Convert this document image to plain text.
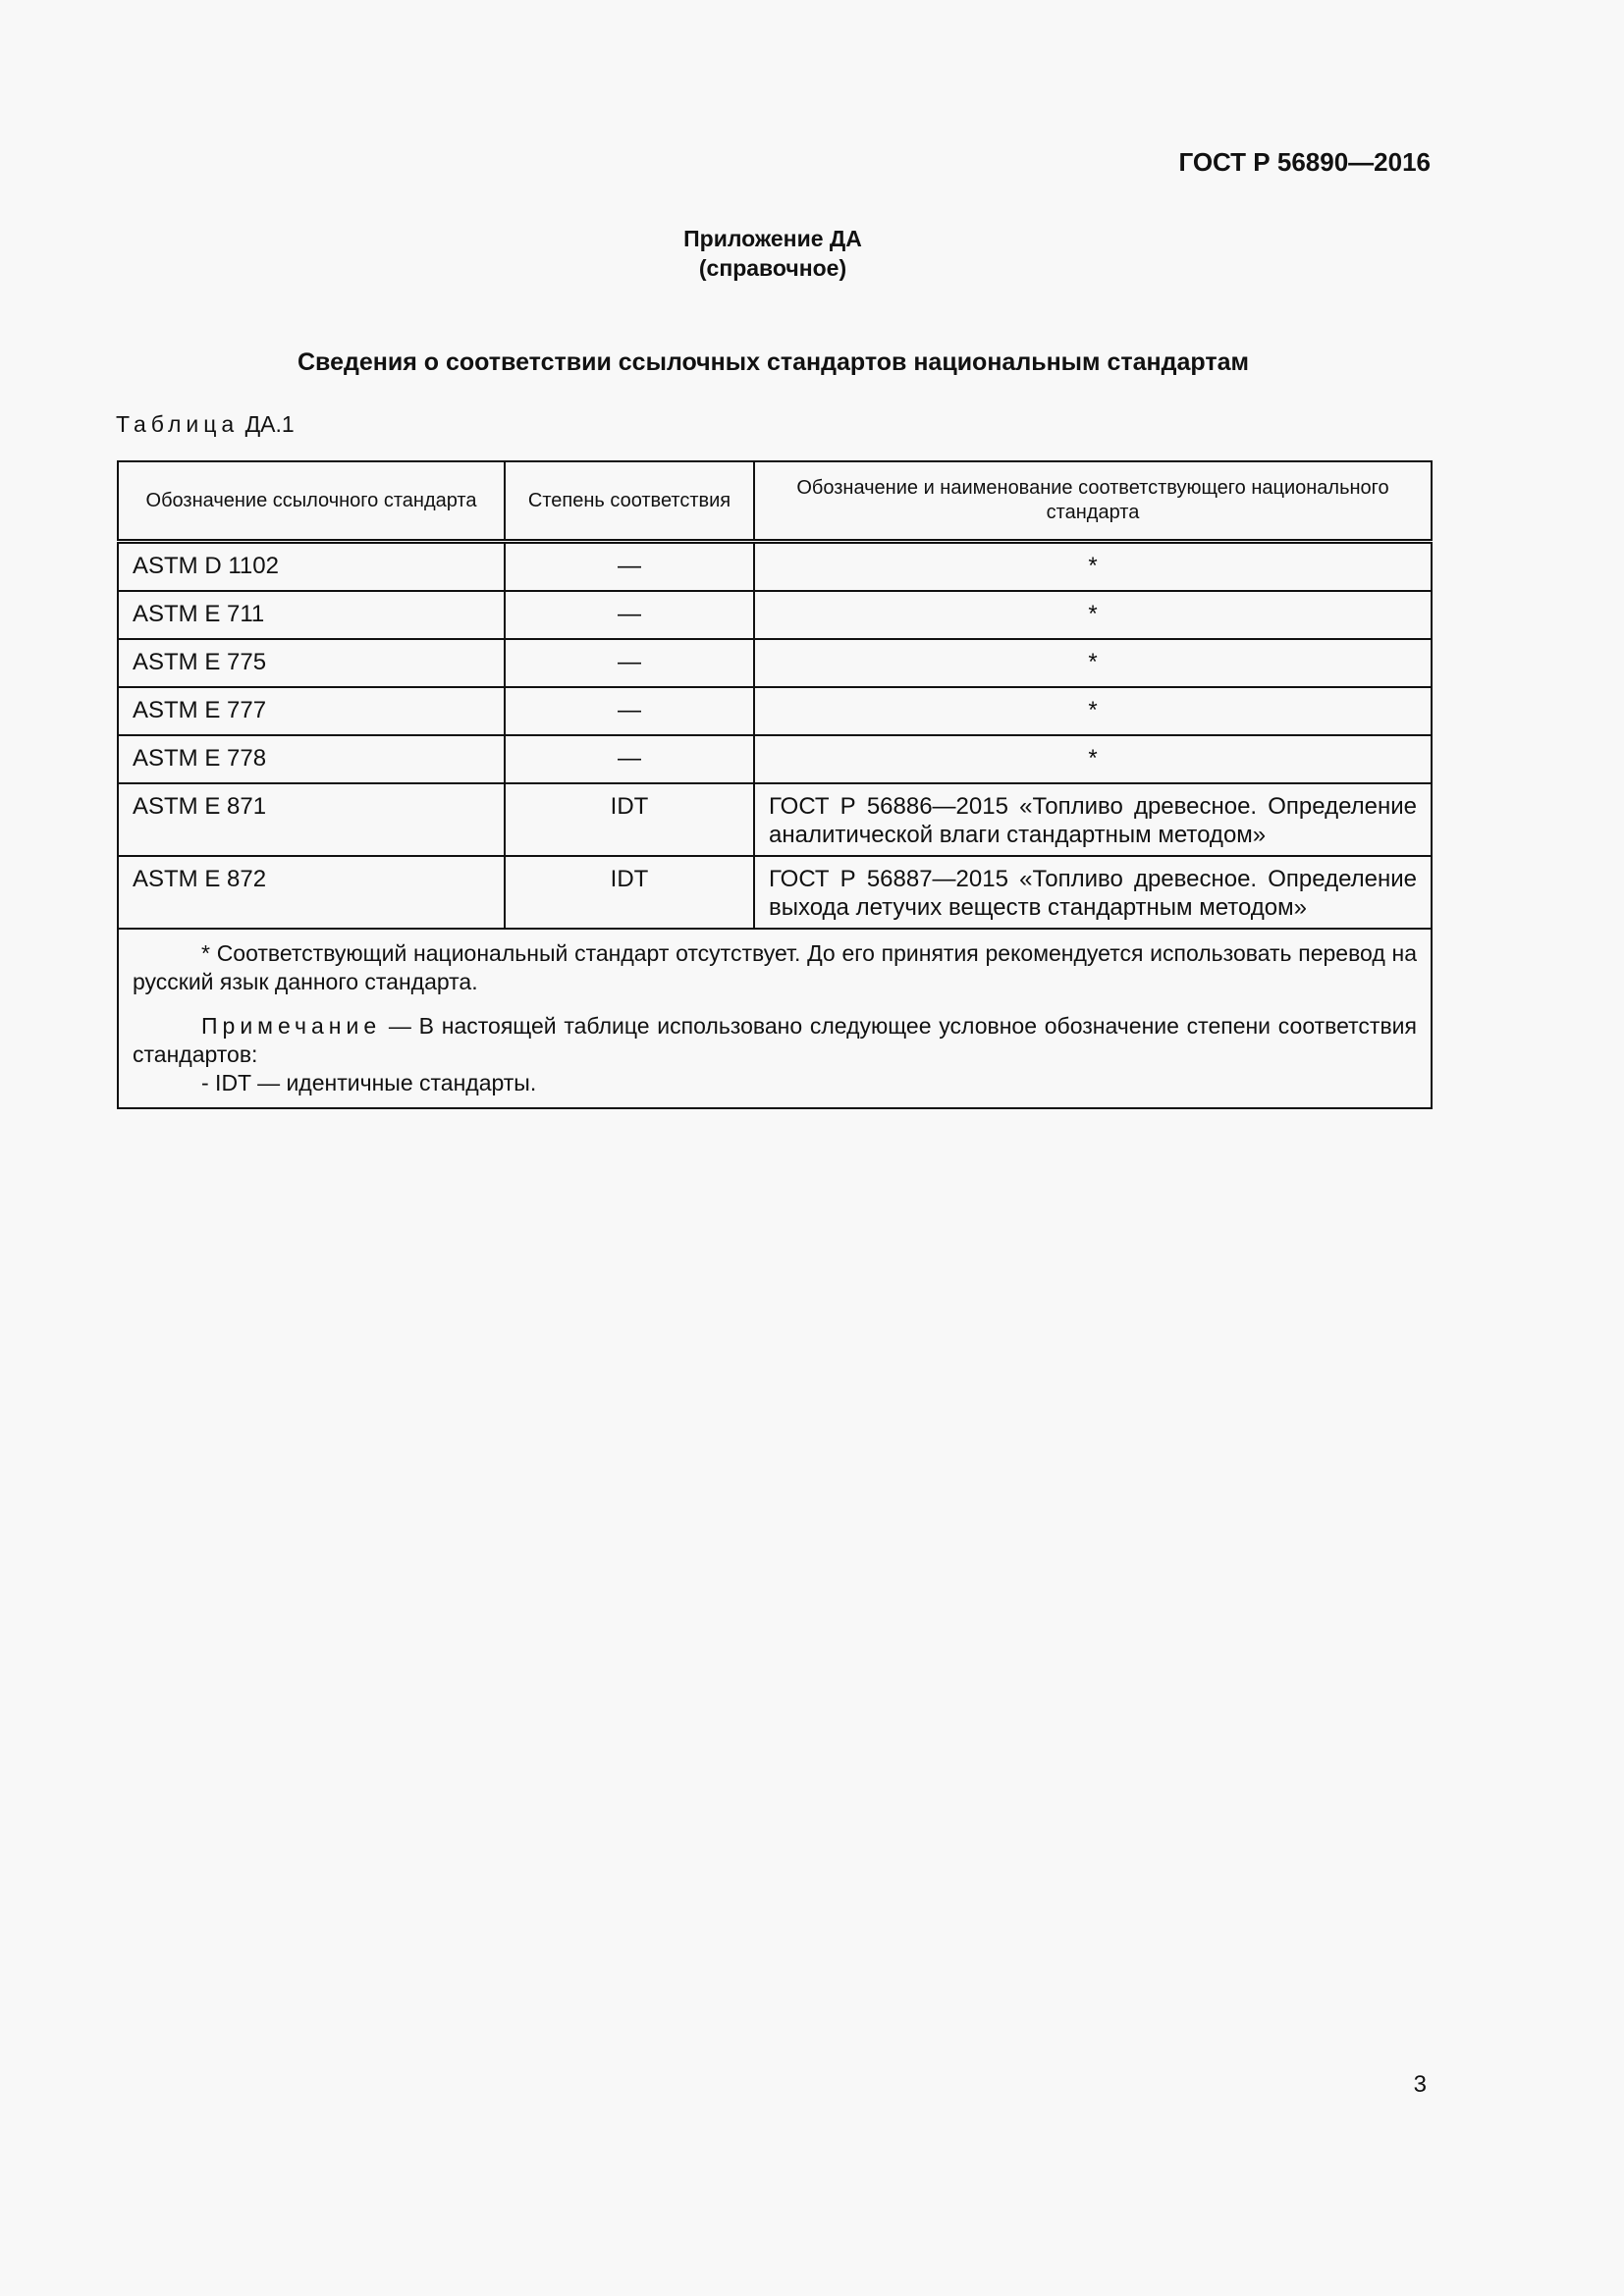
ГОСТ Р 56890—2016
Приложение ДА
(справочное)
Сведения о соответствии ссылочных стандартов национальным стандартам
Таблица ДА.1
Обозначение ссылочного стандарта	Степень соответствия	Обозначение и наименование соответствующего национального стандарта
ASTM D 1102	—	*
ASTM E 711	—	*
ASTM E 775	—	*
ASTM E 777	—	*
ASTM E 778	—	*
ASTM E 871	IDT	ГОСТ Р 56886—2015 «Топливо древесное. Определение аналитической влаги стандартным методом»
ASTM E 872	IDT	ГОСТ Р 56887—2015 «Топливо древесное. Определение выхода летучих веществ стандартным методом»

* Соответствующий национальный стандарт отсутствует. До его принятия рекомендуется использовать перевод на русский язык данного стандарта.

Примечание — В настоящей таблице использовано следующее условное обозначение степени соответствия стандартов:

- IDT — идентичные стандарты.		

3
